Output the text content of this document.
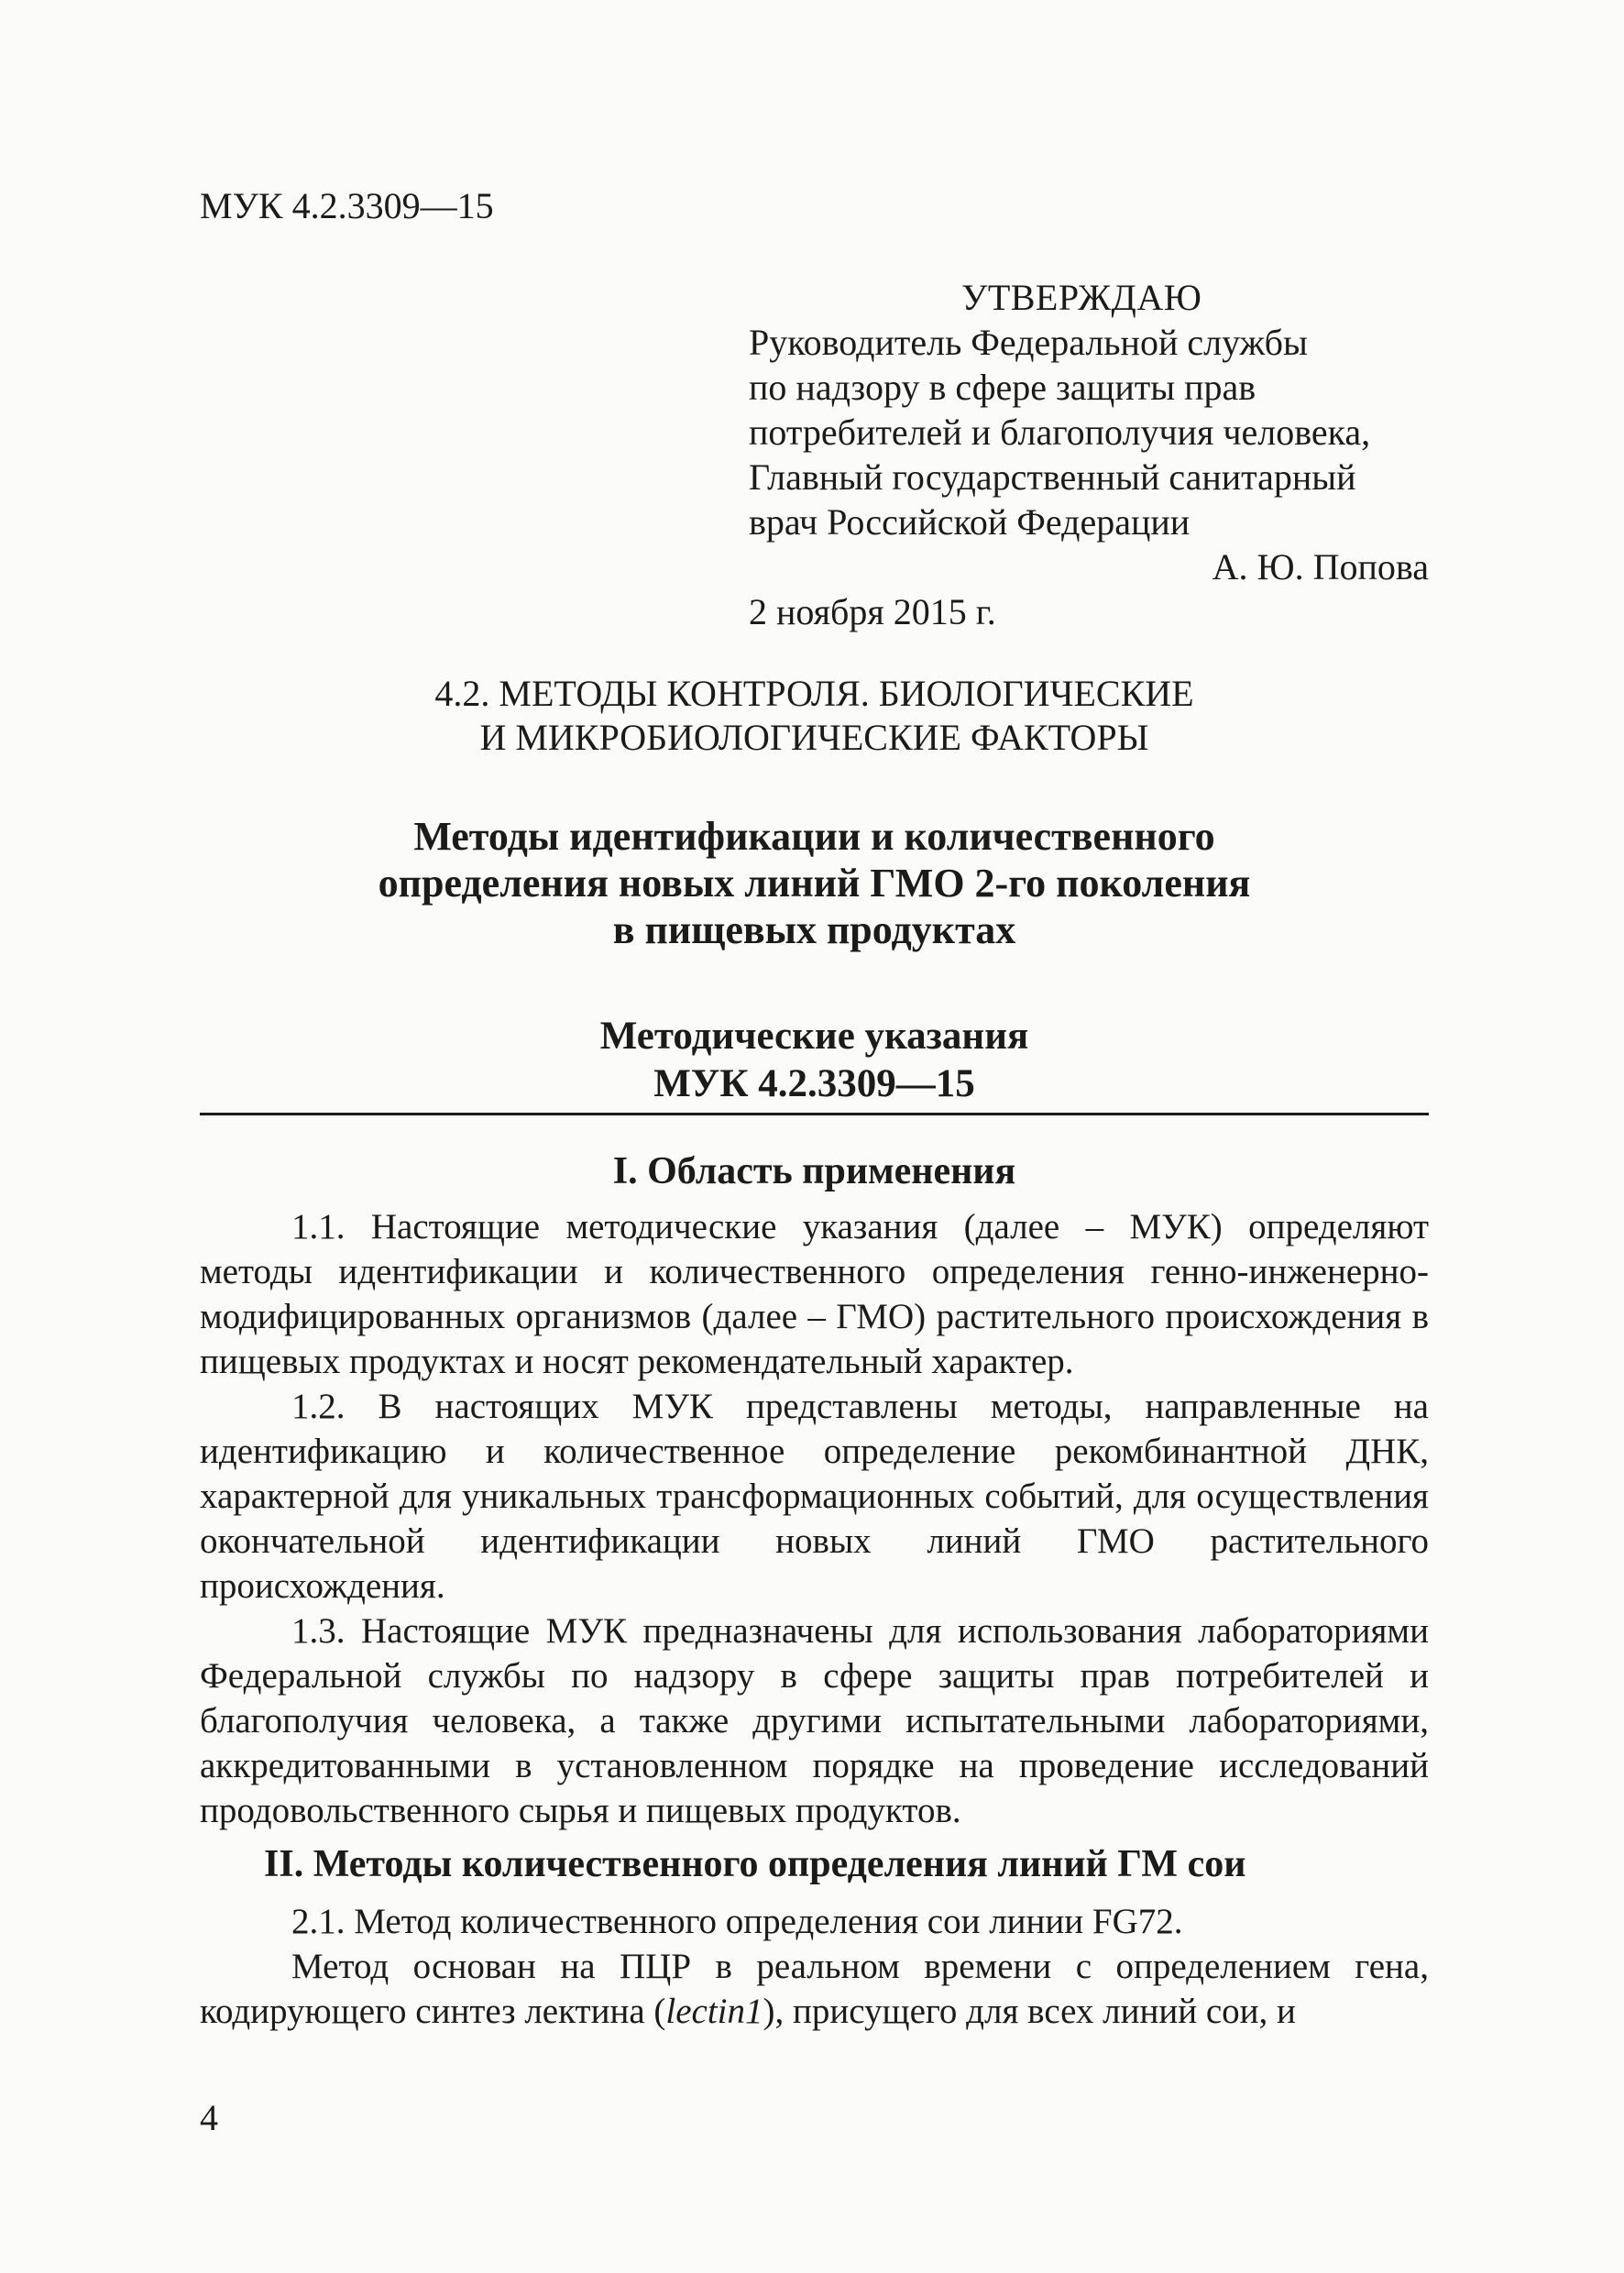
МУК 4.2.3309—15
УТВЕРЖДАЮ
Руководитель Федеральной службы
по надзору в сфере защиты прав
потребителей и благополучия человека,
Главный государственный санитарный
врач Российской Федерации
А. Ю. Попова
2 ноября 2015 г.
4.2. МЕТОДЫ КОНТРОЛЯ. БИОЛОГИЧЕСКИЕ
И МИКРОБИОЛОГИЧЕСКИЕ ФАКТОРЫ
Методы идентификации и количественного
определения новых линий ГМО 2-го поколения
в пищевых продуктах
Методические указания
МУК 4.2.3309—15
I. Область применения

1.1. Настоящие методические указания (далее – МУК) определяют методы идентификации и количественного определения генно-инженерно-модифицированных организмов (далее – ГМО) растительного происхождения в пищевых продуктах и носят рекомендательный характер.

1.2. В настоящих МУК представлены методы, направленные на идентификацию и количественное определение рекомбинантной ДНК, характерной для уникальных трансформационных событий, для осуществления окончательной идентификации новых линий ГМО растительного происхождения.

1.3. Настоящие МУК предназначены для использования лабораториями Федеральной службы по надзору в сфере защиты прав потребителей и благополучия человека, а также другими испытательными лабораториями, аккредитованными в установленном порядке на проведение исследований продовольственного сырья и пищевых продуктов.

II. Методы количественного определения линий ГМ сои

2.1. Метод количественного определения сои линии FG72.

Метод основан на ПЦР в реальном времени с определением гена, кодирующего синтез лектина (lectin1), присущего для всех линий сои, и

4
